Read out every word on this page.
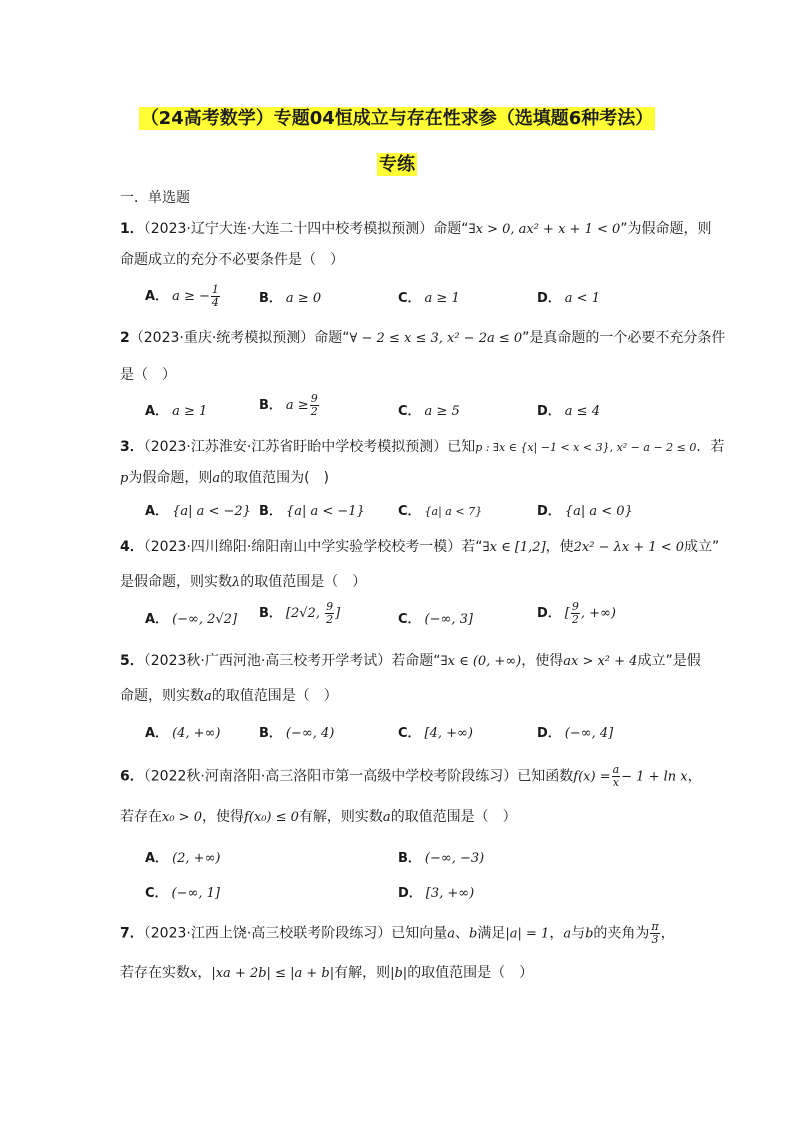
（24高考数学）专题04恒成立与存在性求参（选填题6种考法）
专练
一．单选题
1．（2023·辽宁大连·大连二十四中校考模拟预测）命题“∃x > 0, ax² + x + 1 < 0”为假命题，则
命题成立的充分不必要条件是（　）
A． a ≥ − $\frac{1}{4}$	B． a ≥ 0	C． a ≥ 1	D． a < 1
2（2023·重庆·统考模拟预测）命题“∀ − 2 ≤ x ≤ 3, x² − 2a ≤ 0”是真命题的一个必要不充分条件
是（　）
A． a ≥ 1	B． $a \ge \frac{9}{2}$	C． a ≥ 5	D． a ≤ 4
3．（2023·江苏淮安·江苏省盱眙中学校考模拟预测）已知p : ∃x ∈ {x| −1 < x < 3}, x² − a − 2 ≤ 0．若
p为假命题，则a的取值范围为(　)
A． {a| a < −2} B． {a| a < −1}	C． {a| a < 7}	D． {a| a < 0}
4．（2023·四川绵阳·绵阳南山中学实验学校校考一模）若“∃x ∈ [1,2]，使2x² − λx + 1 < 0成立”
是假命题，则实数λ的取值范围是（　）
A． (−∞, 2√2] B． [2√2, $\frac{9}{2}$ ]	C． (−∞, 3]	D． [ $\frac{9}{2}$ , +∞)
5．（2023秋·广西河池·高三校考开学考试）若命题“∃x ∈ (0, +∞)，使得ax > x² + 4成立”是假
命题，则实数a的取值范围是（　）
A． (4, +∞)	B． (−∞, 4)	C． [4, +∞)	D． (−∞, 4]
6．（2022秋·河南洛阳·高三洛阳市第一高级中学校考阶段练习）已知函数$f(x) = \frac{a}{x} - 1 + \ln x$，
若存在x₀ > 0，使得f(x₀) ≤ 0有解，则实数a的取值范围是（　）
A． (2, +∞)	B． (−∞, −3)
C． (−∞, 1]	D． [3, +∞)
7．（2023·江西上饶·高三校联考阶段练习）已知向量a、b满足|a| = 1，a与b的夹角为 $\frac{\pi}{3}$ ，
若存在实数x，|xa + 2b| ≤ |a + b|有解，则|b|的取值范围是（　）
